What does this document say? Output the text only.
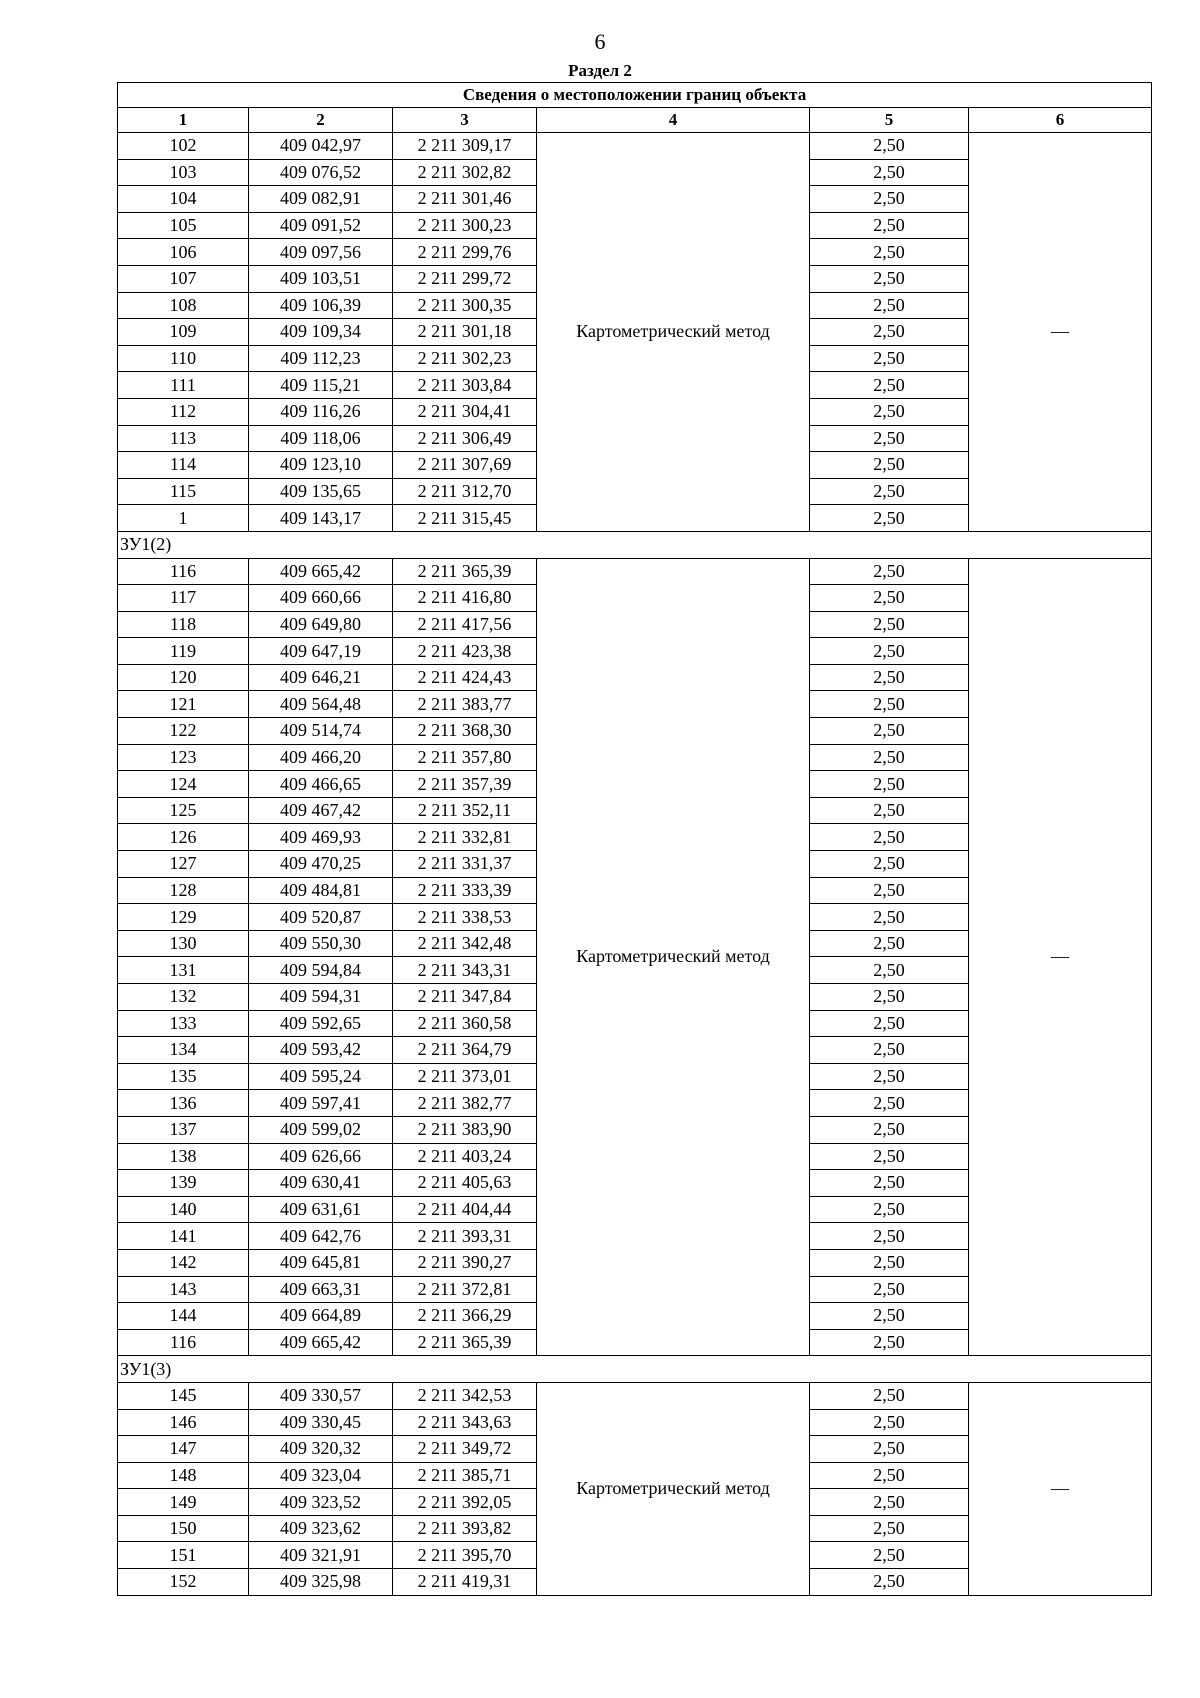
6
Раздел 2
Сведения о местоположении границ объекта					
1	2	3	4	5	6
102	409 042,97	2 211 309,17	Картометрический метод	2,50	—
103	409 076,52	2 211 302,82		2,50	
104	409 082,91	2 211 301,46		2,50	
105	409 091,52	2 211 300,23		2,50	
106	409 097,56	2 211 299,76		2,50	
107	409 103,51	2 211 299,72		2,50	
108	409 106,39	2 211 300,35		2,50	
109	409 109,34	2 211 301,18		2,50	
110	409 112,23	2 211 302,23		2,50	
111	409 115,21	2 211 303,84		2,50	
112	409 116,26	2 211 304,41		2,50	
113	409 118,06	2 211 306,49		2,50	
114	409 123,10	2 211 307,69		2,50	
115	409 135,65	2 211 312,70		2,50	
1	409 143,17	2 211 315,45		2,50	
ЗУ1(2)					
116	409 665,42	2 211 365,39	Картометрический метод	2,50	—
117	409 660,66	2 211 416,80		2,50	
118	409 649,80	2 211 417,56		2,50	
119	409 647,19	2 211 423,38		2,50	
120	409 646,21	2 211 424,43		2,50	
121	409 564,48	2 211 383,77		2,50	
122	409 514,74	2 211 368,30		2,50	
123	409 466,20	2 211 357,80		2,50	
124	409 466,65	2 211 357,39		2,50	
125	409 467,42	2 211 352,11		2,50	
126	409 469,93	2 211 332,81		2,50	
127	409 470,25	2 211 331,37		2,50	
128	409 484,81	2 211 333,39		2,50	
129	409 520,87	2 211 338,53		2,50	
130	409 550,30	2 211 342,48		2,50	
131	409 594,84	2 211 343,31		2,50	
132	409 594,31	2 211 347,84		2,50	
133	409 592,65	2 211 360,58		2,50	
134	409 593,42	2 211 364,79		2,50	
135	409 595,24	2 211 373,01		2,50	
136	409 597,41	2 211 382,77		2,50	
137	409 599,02	2 211 383,90		2,50	
138	409 626,66	2 211 403,24		2,50	
139	409 630,41	2 211 405,63		2,50	
140	409 631,61	2 211 404,44		2,50	
141	409 642,76	2 211 393,31		2,50	
142	409 645,81	2 211 390,27		2,50	
143	409 663,31	2 211 372,81		2,50	
144	409 664,89	2 211 366,29		2,50	
116	409 665,42	2 211 365,39		2,50	
ЗУ1(3)					
145	409 330,57	2 211 342,53	Картометрический метод	2,50	—
146	409 330,45	2 211 343,63		2,50	
147	409 320,32	2 211 349,72		2,50	
148	409 323,04	2 211 385,71		2,50	
149	409 323,52	2 211 392,05		2,50	
150	409 323,62	2 211 393,82		2,50	
151	409 321,91	2 211 395,70		2,50	
152	409 325,98	2 211 419,31		2,50	
